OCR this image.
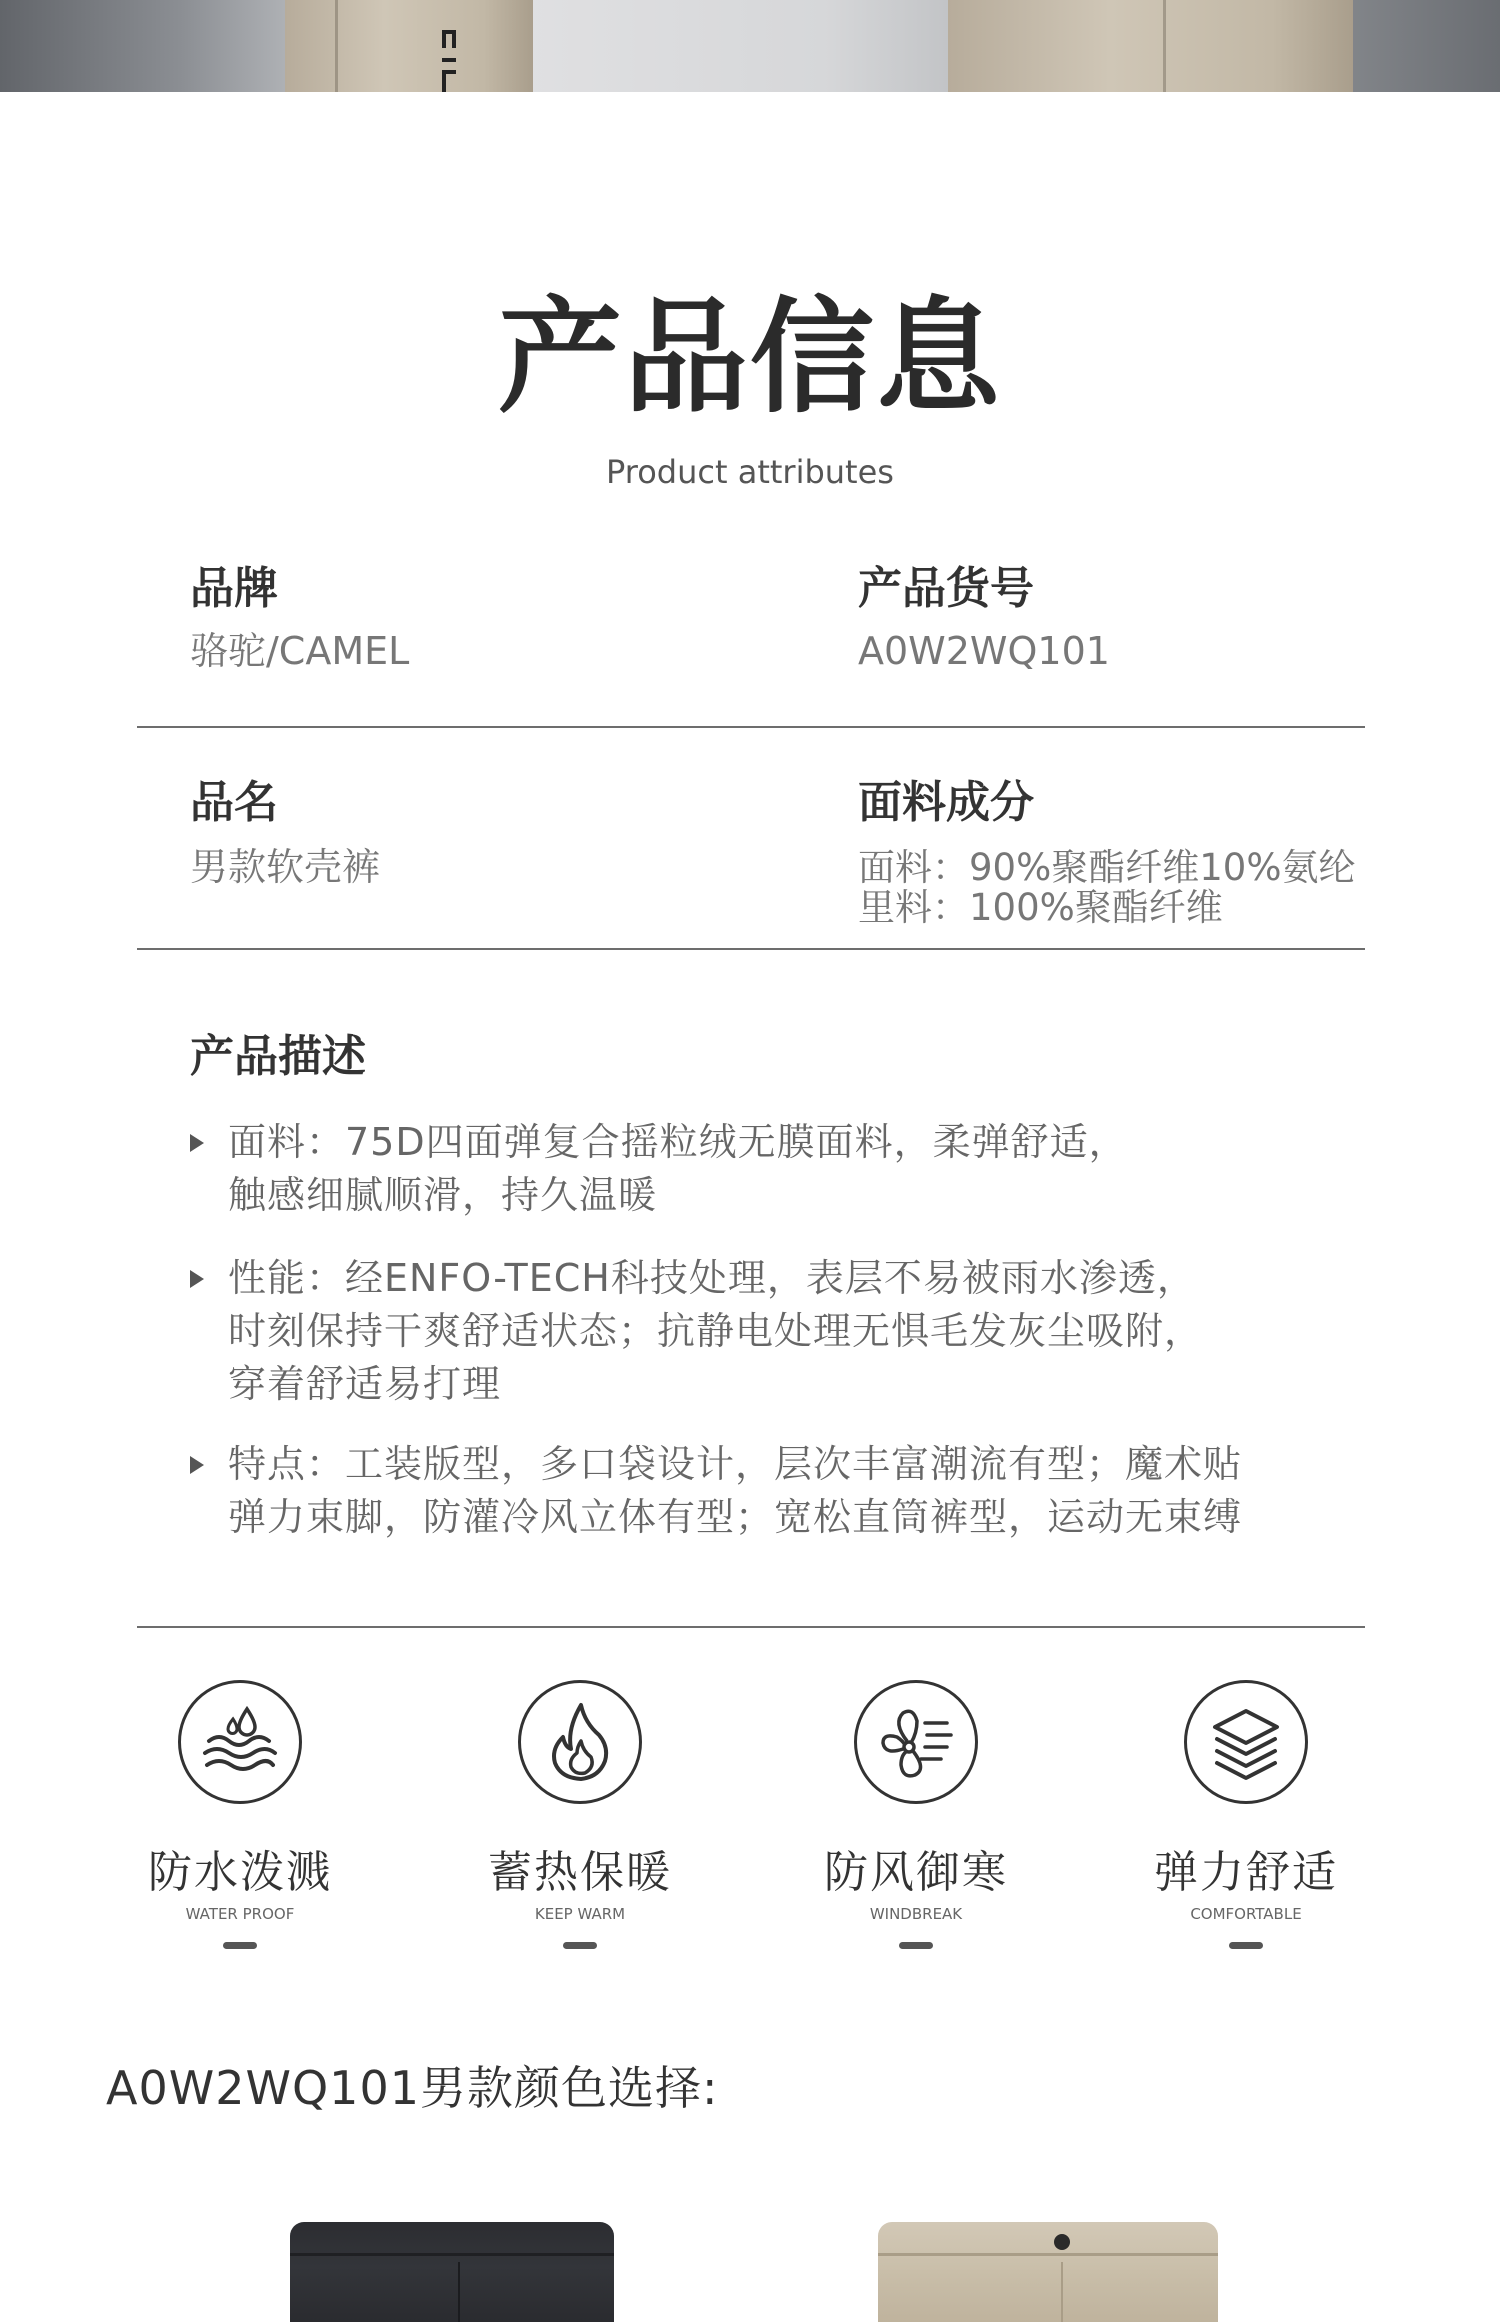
产品信息
Product attributes
品牌
骆驼/CAMEL
产品货号
A0W2WQ101
品名
男款软壳裤
面料成分
面料：90%聚酯纤维10%氨纶
里料：100%聚酯纤维
产品描述
面料：75D四面弹复合摇粒绒无膜面料，柔弹舒适，
触感细腻顺滑，持久温暖
性能：经ENFO-TECH科技处理，表层不易被雨水渗透，
时刻保持干爽舒适状态；抗静电处理无惧毛发灰尘吸附，
穿着舒适易打理
特点：工装版型，多口袋设计，层次丰富潮流有型；魔术贴
弹力束脚，防灌冷风立体有型；宽松直筒裤型，运动无束缚
防水泼溅
WATER PROOF
蓄热保暖
KEEP WARM
防风御寒
WINDBREAK
弹力舒适
COMFORTABLE
A0W2WQ101男款颜色选择:
